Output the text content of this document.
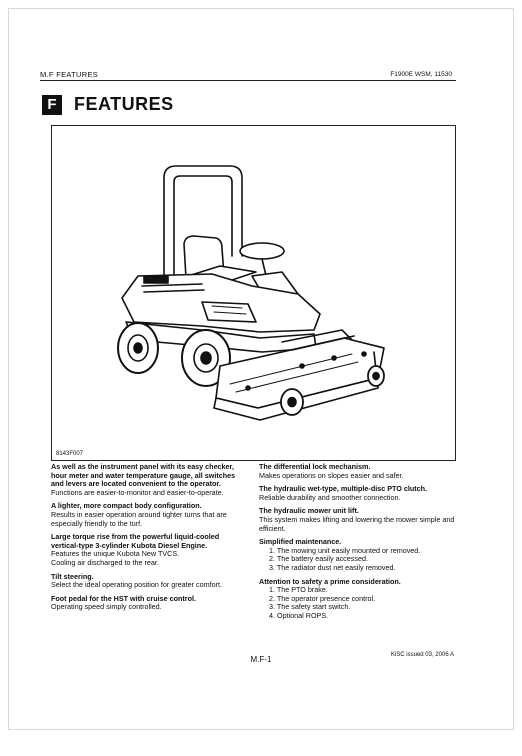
M.F FEATURES	F1900E WSM, 11530
F FEATURES
8143F007
As well as the instrument panel with its easy checker, hour meter and water temperature gauge, all switches and levers are located convenient to the operator.
Functions are easier-to-monitor and easier-to-operate.
A lighter, more compact body configuration.
Results in easier operation around tighter turns that are especially friendly to the turf.
Large torque rise from the powerful liquid-cooled vertical-type 3-cylinder Kubota Diesel Engine.
Features the unique Kubota New TVCS.
Cooling air discharged to the rear.
Tilt steering.
Select the ideal operating position for greater comfort.
Foot pedal for the HST with cruise control.
Operating speed simply controlled.
The differential lock mechanism.
Makes operations on slopes easier and safer.
The hydraulic wet-type, multiple-disc PTO clutch.
Reliable durability and smoother connection.
The hydraulic mower unit lift.
This system makes lifting and lowering the mower simple and efficient.
Simplified maintenance.
1. The mowing unit easily mounted or removed.
2. The battery easily accessed.
3. The radiator dust net easily removed.
Attention to safety a prime consideration.
1. The PTO brake.
2. The operator presence control.
3. The safety start switch.
4. Optional ROPS.
M.F-1	KiSC issued 03, 2006 A
